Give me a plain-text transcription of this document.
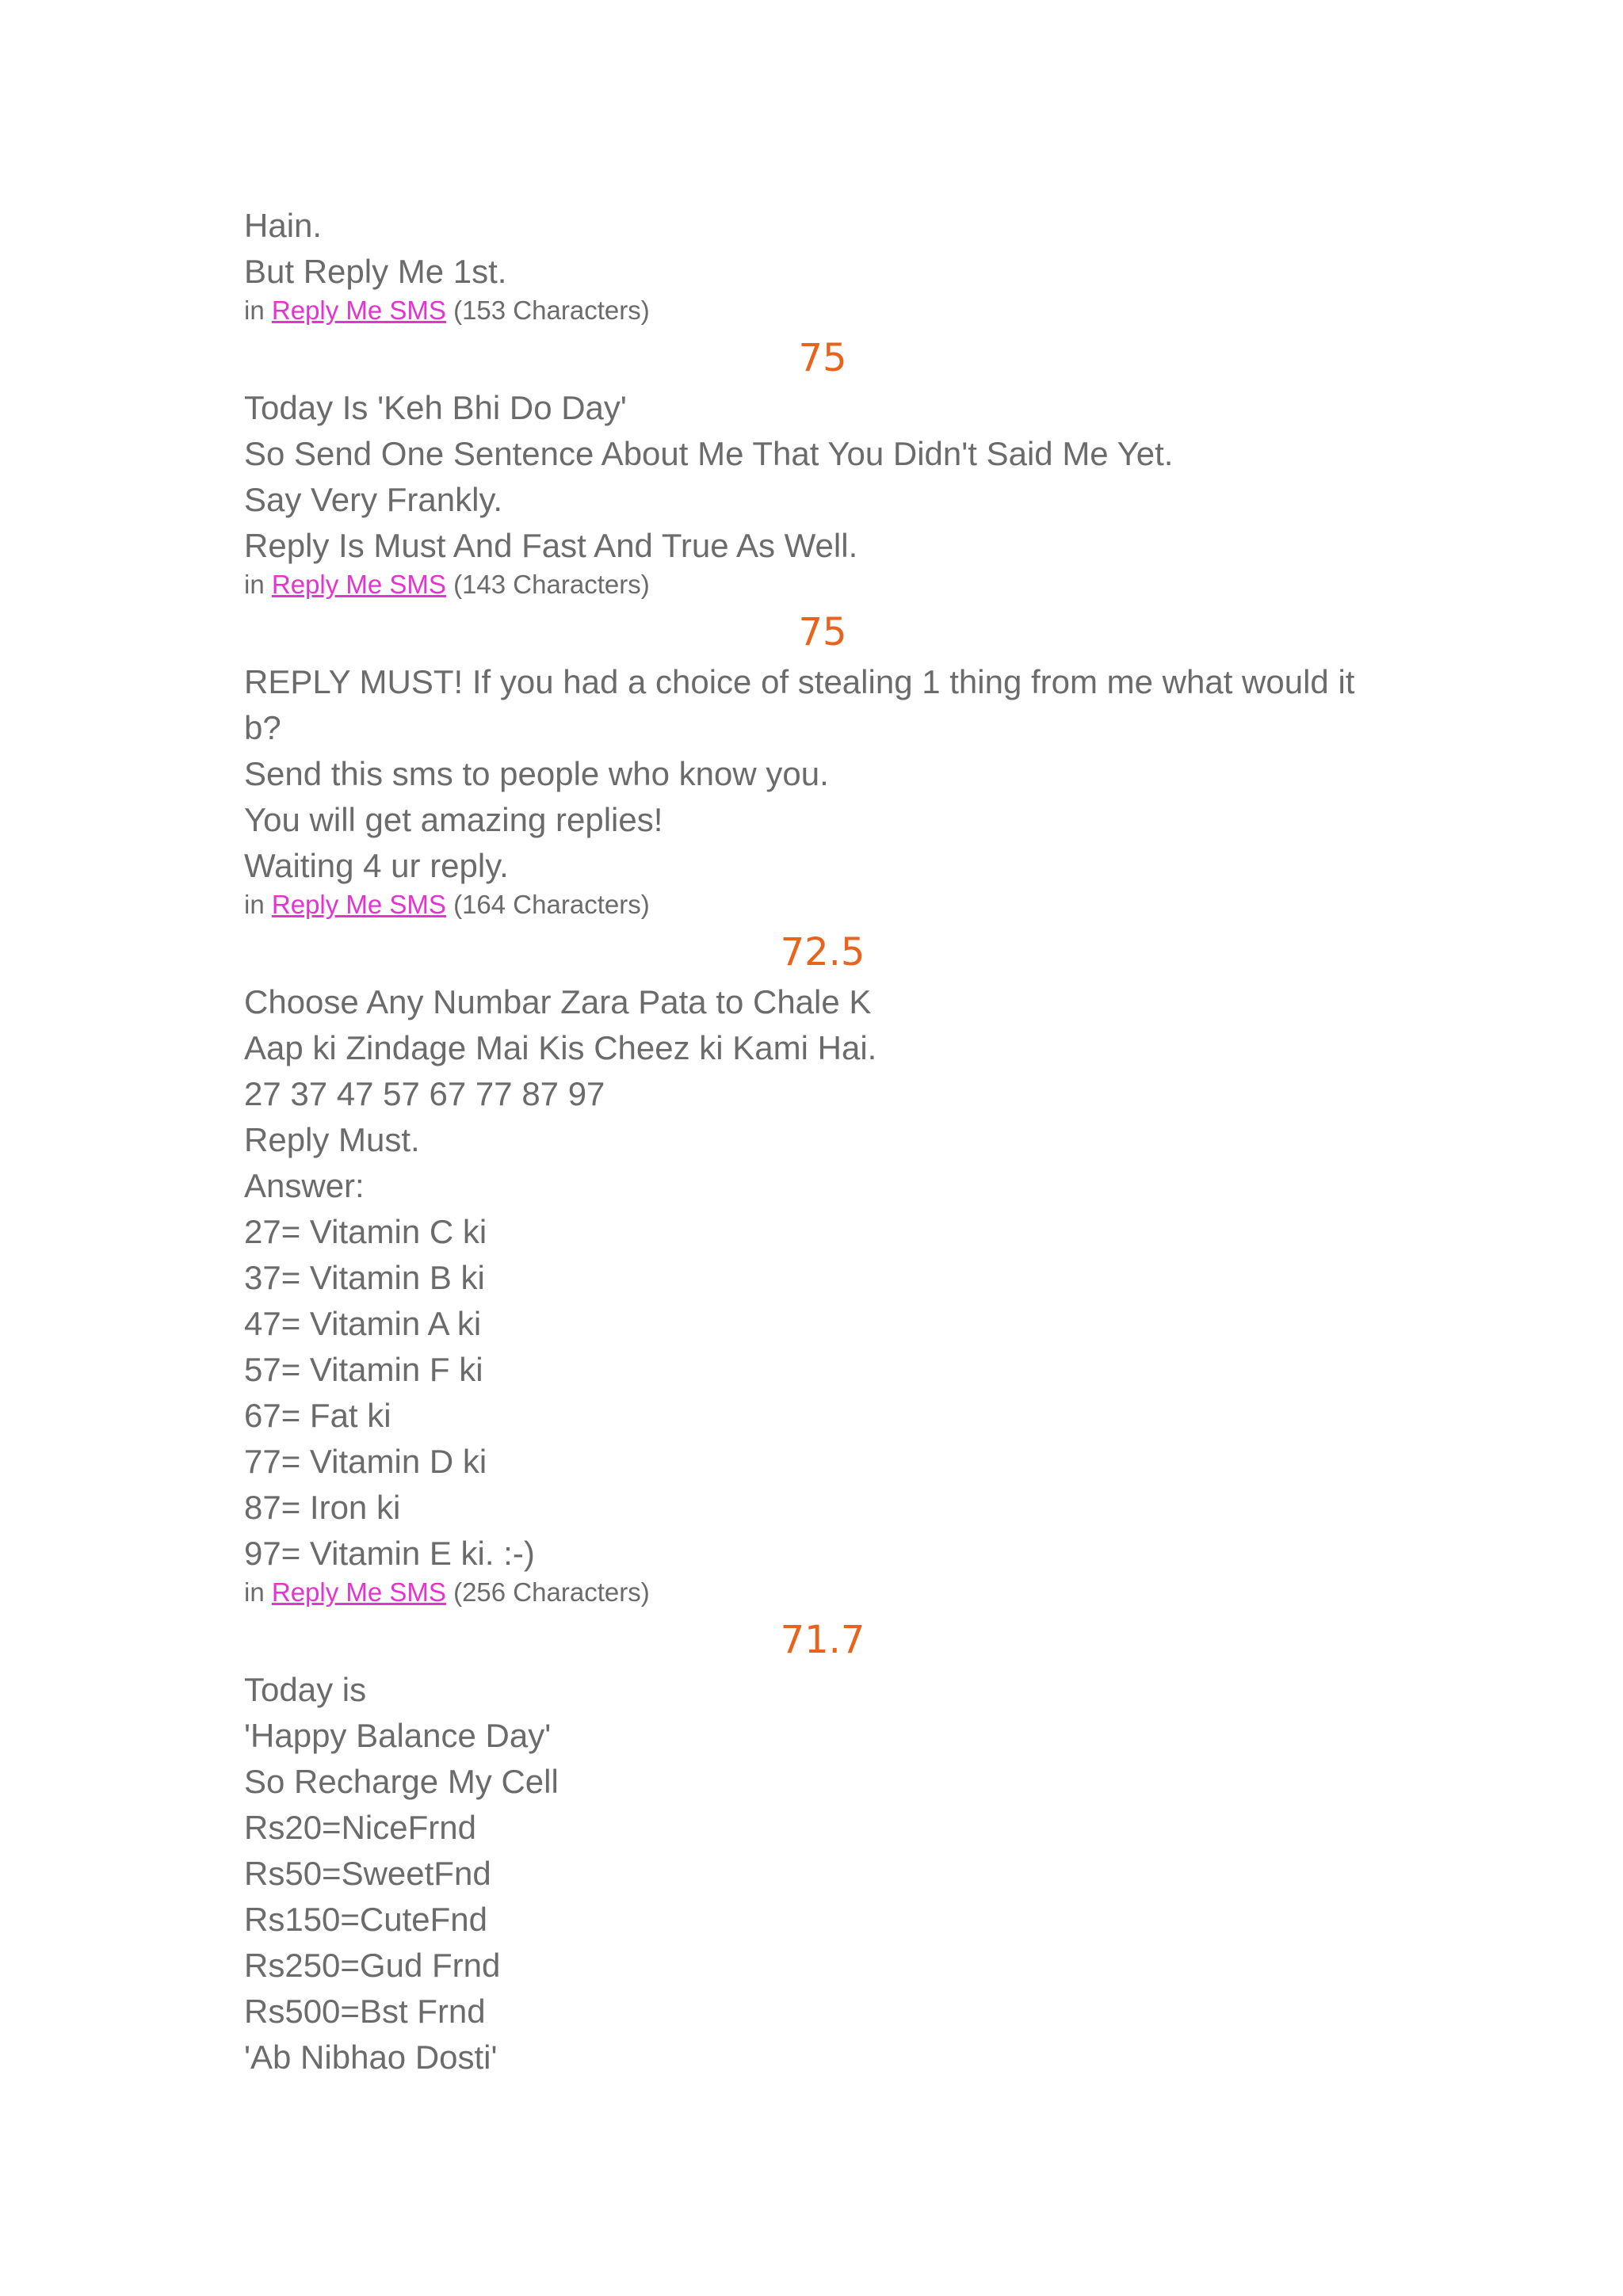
Hain.

But Reply Me 1st.

in Reply Me SMS (153 Characters)

75

Today Is 'Keh Bhi Do Day'

So Send One Sentence About Me That You Didn't Said Me Yet.

Say Very Frankly.

Reply Is Must And Fast And True As Well.

in Reply Me SMS (143 Characters)

75

REPLY MUST! If you had a choice of stealing 1 thing from me what would it b?

Send this sms to people who know you.

You will get amazing replies!

Waiting 4 ur reply.

in Reply Me SMS (164 Characters)

72.5

Choose Any Numbar Zara Pata to Chale K

Aap ki Zindage Mai Kis Cheez ki Kami Hai.

27 37 47 57 67 77 87 97

Reply Must.

Answer:

27= Vitamin C ki

37= Vitamin B ki

47= Vitamin A ki

57= Vitamin F ki

67= Fat ki

77= Vitamin D ki

87= Iron ki

97= Vitamin E ki. :-)

in Reply Me SMS (256 Characters)

71.7

Today is

'Happy Balance Day'

So Recharge My Cell

Rs20=NiceFrnd

Rs50=SweetFnd

Rs150=CuteFnd

Rs250=Gud Frnd

Rs500=Bst Frnd

'Ab Nibhao Dosti'
